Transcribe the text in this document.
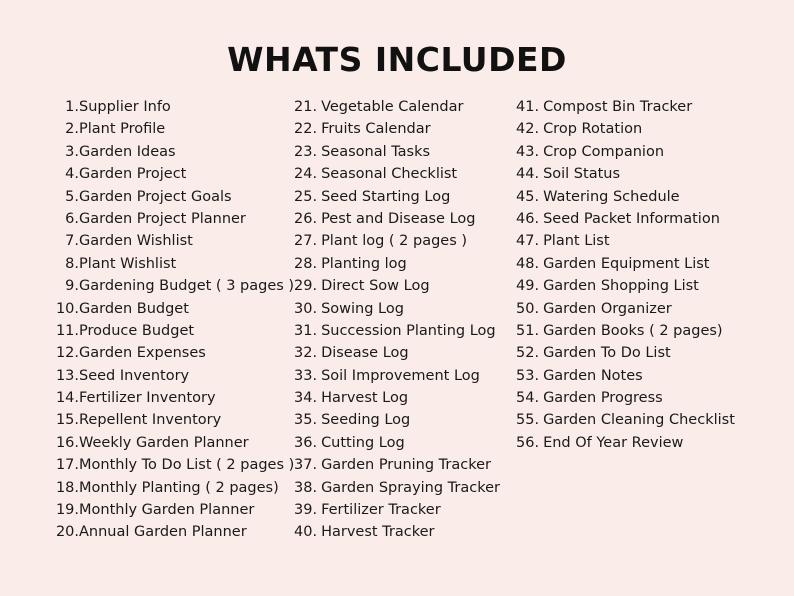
WHATS INCLUDED
1. Supplier Info
2. Plant Profile
3. Garden Ideas
4. Garden Project
5. Garden Project Goals
6. Garden Project Planner
7. Garden Wishlist
8. Plant Wishlist
9. Gardening Budget ( 3 pages )
10. Garden Budget
11. Produce Budget
12. Garden Expenses
13. Seed Inventory
14. Fertilizer Inventory
15. Repellent Inventory
16. Weekly Garden Planner
17. Monthly To Do List ( 2 pages )
18. Monthly Planting ( 2 pages)
19. Monthly Garden Planner
20. Annual Garden Planner
21. Vegetable Calendar
22. Fruits Calendar
23. Seasonal Tasks
24. Seasonal Checklist
25. Seed Starting Log
26. Pest and Disease Log
27. Plant log ( 2 pages )
28. Planting log
29. Direct Sow Log
30. Sowing Log
31. Succession Planting Log
32. Disease Log
33. Soil Improvement Log
34. Harvest Log
35. Seeding Log
36. Cutting Log
37. Garden Pruning Tracker
38. Garden Spraying Tracker
39. Fertilizer Tracker
40. Harvest Tracker
41. Compost Bin Tracker
42. Crop Rotation
43. Crop Companion
44. Soil Status
45. Watering Schedule
46. Seed Packet Information
47. Plant List
48. Garden Equipment List
49. Garden Shopping List
50. Garden Organizer
51. Garden Books ( 2 pages)
52. Garden To Do List
53. Garden Notes
54. Garden Progress
55. Garden Cleaning Checklist
56. End Of Year Review
